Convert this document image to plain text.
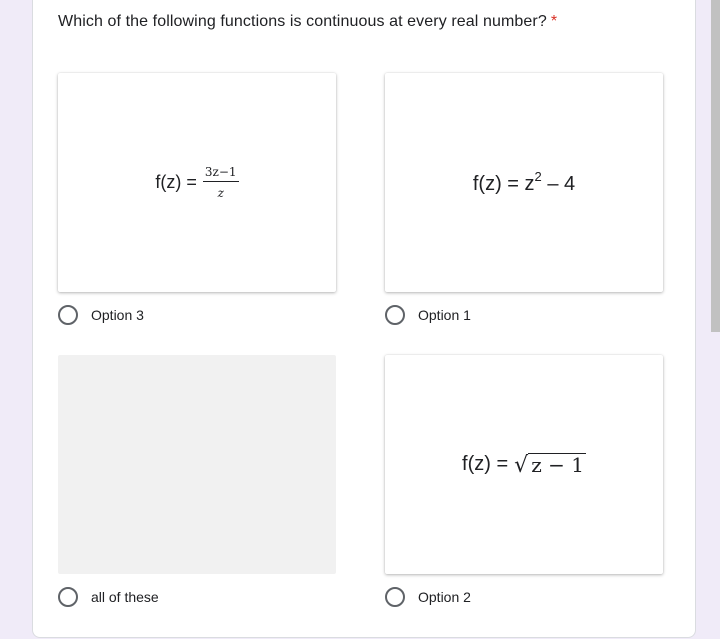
Which of the following functions is continuous at every real number? *
$f(z) = \frac{3z-1}{z}$
Option 3
$f(z) = z^2 - 4$
Option 1
all of these
f(z) = √ z − 1
Option 2
